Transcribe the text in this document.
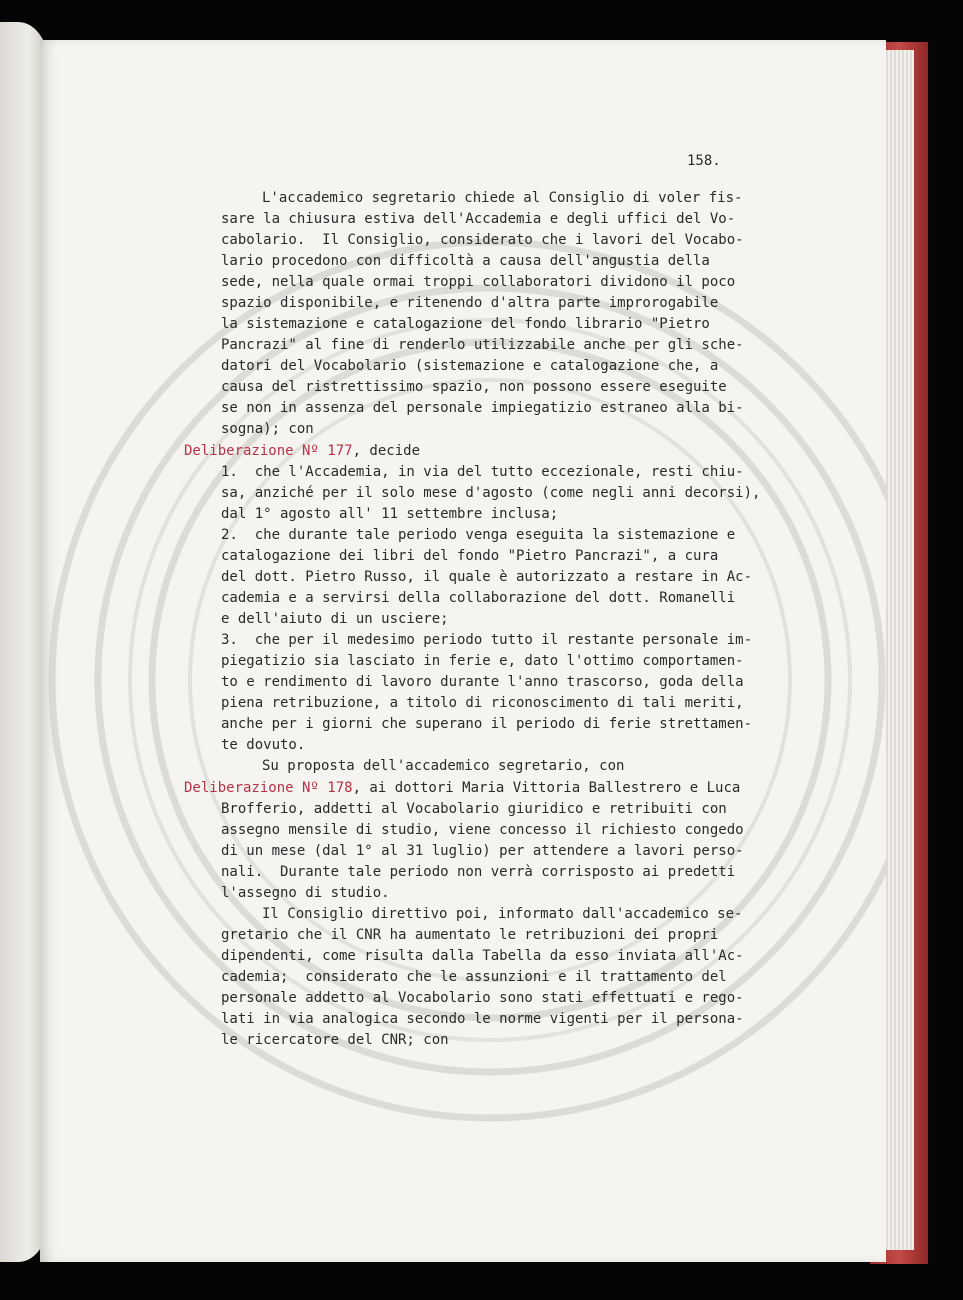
158.
L'accademico segretario chiede al Consiglio di voler fis-
sare la chiusura estiva dell'Accademia e degli uffici del Vo-
cabolario.  Il Consiglio, considerato che i lavori del Vocabo-
lario procedono con difficoltà a causa dell'angustia della
sede, nella quale ormai troppi collaboratori dividono il poco
spazio disponibile, e ritenendo d'altra parte improrogabile
la sistemazione e catalogazione del fondo librario "Pietro
Pancrazi" al fine di renderlo utilizzabile anche per gli sche-
datori del Vocabolario (sistemazione e catalogazione che, a
causa del ristrettissimo spazio, non possono essere eseguite
se non in assenza del personale impiegatizio estraneo alla bi-
sogna); con
Deliberazione Nº 177, decide
1.  che l'Accademia, in via del tutto eccezionale, resti chiu-
sa, anziché per il solo mese d'agosto (come negli anni decorsi),
dal 1° agosto all' 11 settembre inclusa;
2.  che durante tale periodo venga eseguita la sistemazione e
catalogazione dei libri del fondo "Pietro Pancrazi", a cura
del dott. Pietro Russo, il quale è autorizzato a restare in Ac-
cademia e a servirsi della collaborazione del dott. Romanelli
e dell'aiuto di un usciere;
3.  che per il medesimo periodo tutto il restante personale im-
piegatizio sia lasciato in ferie e, dato l'ottimo comportamen-
to e rendimento di lavoro durante l'anno trascorso, goda della
piena retribuzione, a titolo di riconoscimento di tali meriti,
anche per i giorni che superano il periodo di ferie strettamen-
te dovuto.
Su proposta dell'accademico segretario, con
Deliberazione Nº 178, ai dottori Maria Vittoria Ballestrero e Luca
Brofferio, addetti al Vocabolario giuridico e retribuiti con
assegno mensile di studio, viene concesso il richiesto congedo
di un mese (dal 1° al 31 luglio) per attendere a lavori perso-
nali.  Durante tale periodo non verrà corrisposto ai predetti
l'assegno di studio.
Il Consiglio direttivo poi, informato dall'accademico se-
gretario che il CNR ha aumentato le retribuzioni dei propri
dipendenti, come risulta dalla Tabella da esso inviata all'Ac-
cademia;  considerato che le assunzioni e il trattamento del
personale addetto al Vocabolario sono stati effettuati e rego-
lati in via analogica secondo le norme vigenti per il persona-
le ricercatore del CNR; con
